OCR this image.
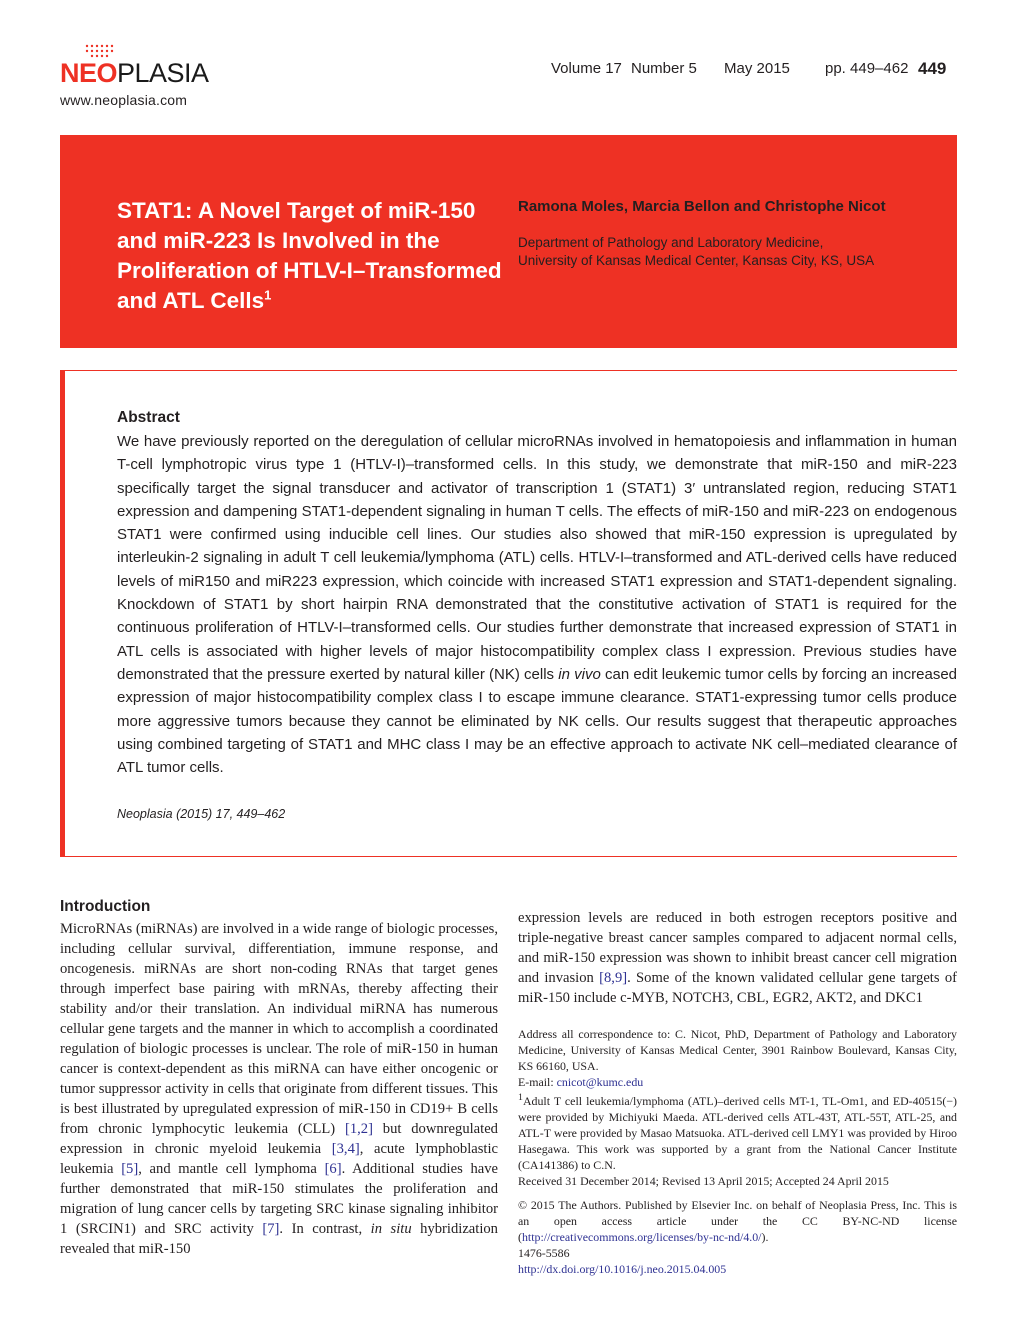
NEOPLASIA
www.neoplasia.com
Volume 17 Number 5 May 2015 pp. 449–462 449
STAT1: A Novel Target of miR-150 and miR-223 Is Involved in the Proliferation of HTLV-I–Transformed and ATL Cells$^1$
Ramona Moles, Marcia Bellon and Christophe Nicot
Department of Pathology and Laboratory Medicine,
University of Kansas Medical Center, Kansas City, KS, USA
Abstract
We have previously reported on the deregulation of cellular microRNAs involved in hematopoiesis and inflammation in human T-cell lymphotropic virus type 1 (HTLV-I)–transformed cells. In this study, we demonstrate that miR-150 and miR-223 specifically target the signal transducer and activator of transcription 1 (STAT1) 3′ untranslated region, reducing STAT1 expression and dampening STAT1-dependent signaling in human T cells. The effects of miR-150 and miR-223 on endogenous STAT1 were confirmed using inducible cell lines. Our studies also showed that miR-150 expression is upregulated by interleukin-2 signaling in adult T cell leukemia/lymphoma (ATL) cells. HTLV-I–transformed and ATL-derived cells have reduced levels of miR150 and miR223 expression, which coincide with increased STAT1 expression and STAT1-dependent signaling. Knockdown of STAT1 by short hairpin RNA demonstrated that the constitutive activation of STAT1 is required for the continuous proliferation of HTLV-I–transformed cells. Our studies further demonstrate that increased expression of STAT1 in ATL cells is associated with higher levels of major histocompatibility complex class I expression. Previous studies have demonstrated that the pressure exerted by natural killer (NK) cells in vivo can edit leukemic tumor cells by forcing an increased expression of major histocompatibility complex class I to escape immune clearance. STAT1-expressing tumor cells produce more aggressive tumors because they cannot be eliminated by NK cells. Our results suggest that therapeutic approaches using combined targeting of STAT1 and MHC class I may be an effective approach to activate NK cell–mediated clearance of ATL tumor cells.
Neoplasia (2015) 17, 449–462
Introduction
MicroRNAs (miRNAs) are involved in a wide range of biologic processes, including cellular survival, differentiation, immune response, and oncogenesis. miRNAs are short non-coding RNAs that target genes through imperfect base pairing with mRNAs, thereby affecting their stability and/or their translation. An individual miRNA has numerous cellular gene targets and the manner in which to accomplish a coordinated regulation of biologic processes is unclear. The role of miR-150 in human cancer is context-dependent as this miRNA can have either oncogenic or tumor suppressor activity in cells that originate from different tissues. This is best illustrated by upregulated expression of miR-150 in CD19+ B cells from chronic lymphocytic leukemia (CLL) [1,2] but downregulated expression in chronic myeloid leukemia [3,4], acute lymphoblastic leukemia [5], and mantle cell lymphoma [6]. Additional studies have further demonstrated that miR-150 stimulates the proliferation and migration of lung cancer cells by targeting SRC kinase signaling inhibitor 1 (SRCIN1) and SRC activity [7]. In contrast, in situ hybridization revealed that miR-150
expression levels are reduced in both estrogen receptors positive and triple-negative breast cancer samples compared to adjacent normal cells, and miR-150 expression was shown to inhibit breast cancer cell migration and invasion [8,9]. Some of the known validated cellular gene targets of miR-150 include c-MYB, NOTCH3, CBL, EGR2, AKT2, and DKC1

Address all correspondence to: C. Nicot, PhD, Department of Pathology and Laboratory Medicine, University of Kansas Medical Center, 3901 Rainbow Boulevard, Kansas City, KS 66160, USA.

E-mail: cnicot@kumc.edu

$^1$Adult T cell leukemia/lymphoma (ATL)–derived cells MT-1, TL-Om1, and ED-40515(−) were provided by Michiyuki Maeda. ATL-derived cells ATL-43T, ATL-55T, ATL-25, and ATL-T were provided by Masao Matsuoka. ATL-derived cell LMY1 was provided by Hiroo Hasegawa. This work was supported by a grant from the National Cancer Institute (CA141386) to C.N.

Received 31 December 2014; Revised 13 April 2015; Accepted 24 April 2015

© 2015 The Authors. Published by Elsevier Inc. on behalf of Neoplasia Press, Inc. This is an open access article under the CC BY-NC-ND license (http://creativecommons.org/licenses/by-nc-nd/4.0/).

1476-5586

http://dx.doi.org/10.1016/j.neo.2015.04.005
